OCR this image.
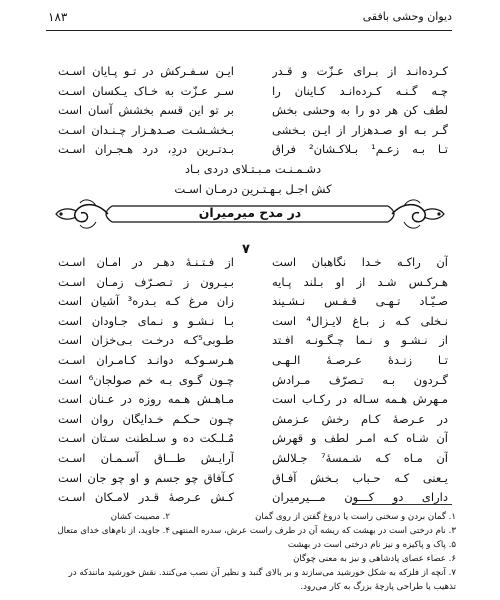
۱۸۳	دیوان وحشی بافقی
کـرده‌انـد از بـرای عـزّت و قـدر
ایـن سـفـرکش در تـو پـایان اسـت
چـه گـنـه کـرده‌انـد کـاینان را
سـر عـزّت به خـاک یـکسان اسـت
لطف کن هر دو را به وحشی بخش
بر تو این قسم بخشش آسان است
گـر بـه او صـدهزار از ایـن بـخشی
بـخشـشـت صـدهـزار چـنـدان اسـت
تـا بـه زعـم¹ بـلاکـشان² فراق
بـدتـرین دردِ، درد هـجـران اسـت
دشـمـنـت مـبـتـلای دردی بـاد
کش اجـل بـهـتـرین درمـان اسـت
در مدح میرمیران
۷
آن راکـه خـدا نگاهبان است
از فـتـنـهٔ دهـر در امـان اسـت
هـرکـس شـد از او بـلند پـایه
بـیـرون ز تـصـرّف زمـان اسـت
صـیّـاد تـهـی قـفـس نـشـیند
زان مرغ کـه بـدره³ آشیان است
نـخلی کـه ز بـاغ لایـزال⁴ است
بـا نـشـو و نـمای جـاودان است
از نـشـو و نـما چـگـونـه افـتد
طـوبی⁵کـه درخـت بـی‌خزان است
تـا زنـدهٔ عـرصـهٔ الـهـی
هـرسـوکـه دوانـد کـامـران اسـت
گـردون بـه تـصرّف مـرادش
چـون گـوی بـه خم صولجان⁶ است
مـهرش هـمه سـاله در رکـاب است
مـاهـش هـمه روزه در عـنان است
در عـرصهٔ کـام رخش عـزمش
چـون حـکـم خـدایگان روان است
آن شـاه کـه امـر لطف و قهرش
مُـلـکت ده و سـلطنت سـتان اسـت
آن مـاه کـه شـمسهٔ⁷ جـلالش
آرایـش طـــاق آسـمـان اسـت
یـعنی کـه حـباب بـخش آفـاق
کـآفاق چو جسم و او چو جان است
دارای دو کـــون مـــیرمیران
کـش عـرصهٔ قـدر لامـکان اسـت
۱. گمان بردن و سخنی راست یا دروغ گفتن از روی گمان
۲. مصیبت کشان
۳. نام درختی است در بهشت که ریشه آن در طرف راست عرش، سدره المنتهی
۴. جاوید، از نام‌های خدای متعال
۵. پاک و پاکیزه و نیز نام درختی است در بهشت
۶. عصاء عصای پادشاهی و نیز به معنی چوگان
۷. آنچه از فلزکه به شکل خورشید می‌سازند و بر بالای گنبد و نظیر آن نصب می‌کنند. نقش خورشید مانندکه در تذهیب یا طراحی پارچهٔ بزرگ به کار می‌رود.
